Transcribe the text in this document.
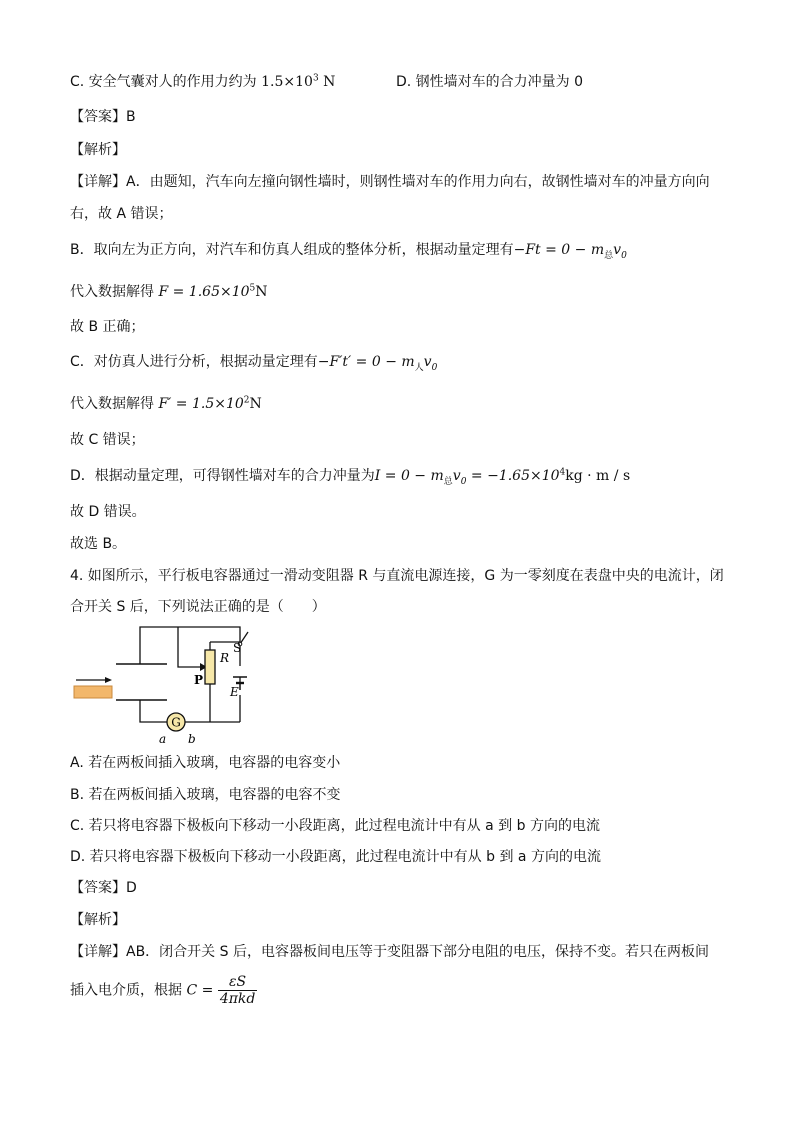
C. 安全气囊对人的作用力约为 $1.5\times 10^3$ N	D. 钢性墙对车的合力冲量为 0
【答案】B
【解析】
【详解】A．由题知，汽车向左撞向钢性墙时，则钢性墙对车的作用力向右，故钢性墙对车的冲量方向向
右，故 A 错误；
B．取向左为正方向，对汽车和仿真人组成的整体分析，根据动量定理有$-Ft = 0 - m_总v_0$
代入数据解得 $F = 1.65\times 10^5N$
故 B 正确；
C．对仿真人进行分析，根据动量定理有$-F't' = 0 - m_人v_0$
代入数据解得 $F' = 1.5\times 10^2N$
故 C 错误；
D．根据动量定理，可得钢性墙对车的合力冲量为$I = 0 - m_总v_0 = -1.65\times 10^4kg \cdot m / s$
故 D 错误。
故选 B。
4. 如图所示，平行板电容器通过一滑动变阻器 R 与直流电源连接，G 为一零刻度在表盘中央的电流计，闭
合开关 S 后，下列说法正确的是（　　）
G
S
R
P
E
a b
A. 若在两板间插入玻璃，电容器的电容变小
B. 若在两板间插入玻璃，电容器的电容不变
C. 若只将电容器下极板向下移动一小段距离，此过程电流计中有从 a 到 b 方向的电流
D. 若只将电容器下极板向下移动一小段距离，此过程电流计中有从 b 到 a 方向的电流
【答案】D
【解析】
【详解】AB．闭合开关 S 后，电容器板间电压等于变阻器下部分电阻的电压，保持不变。若只在两板间
插入电介质，根据 $C = \frac{\varepsilon S}{\text{4πkd}}$
